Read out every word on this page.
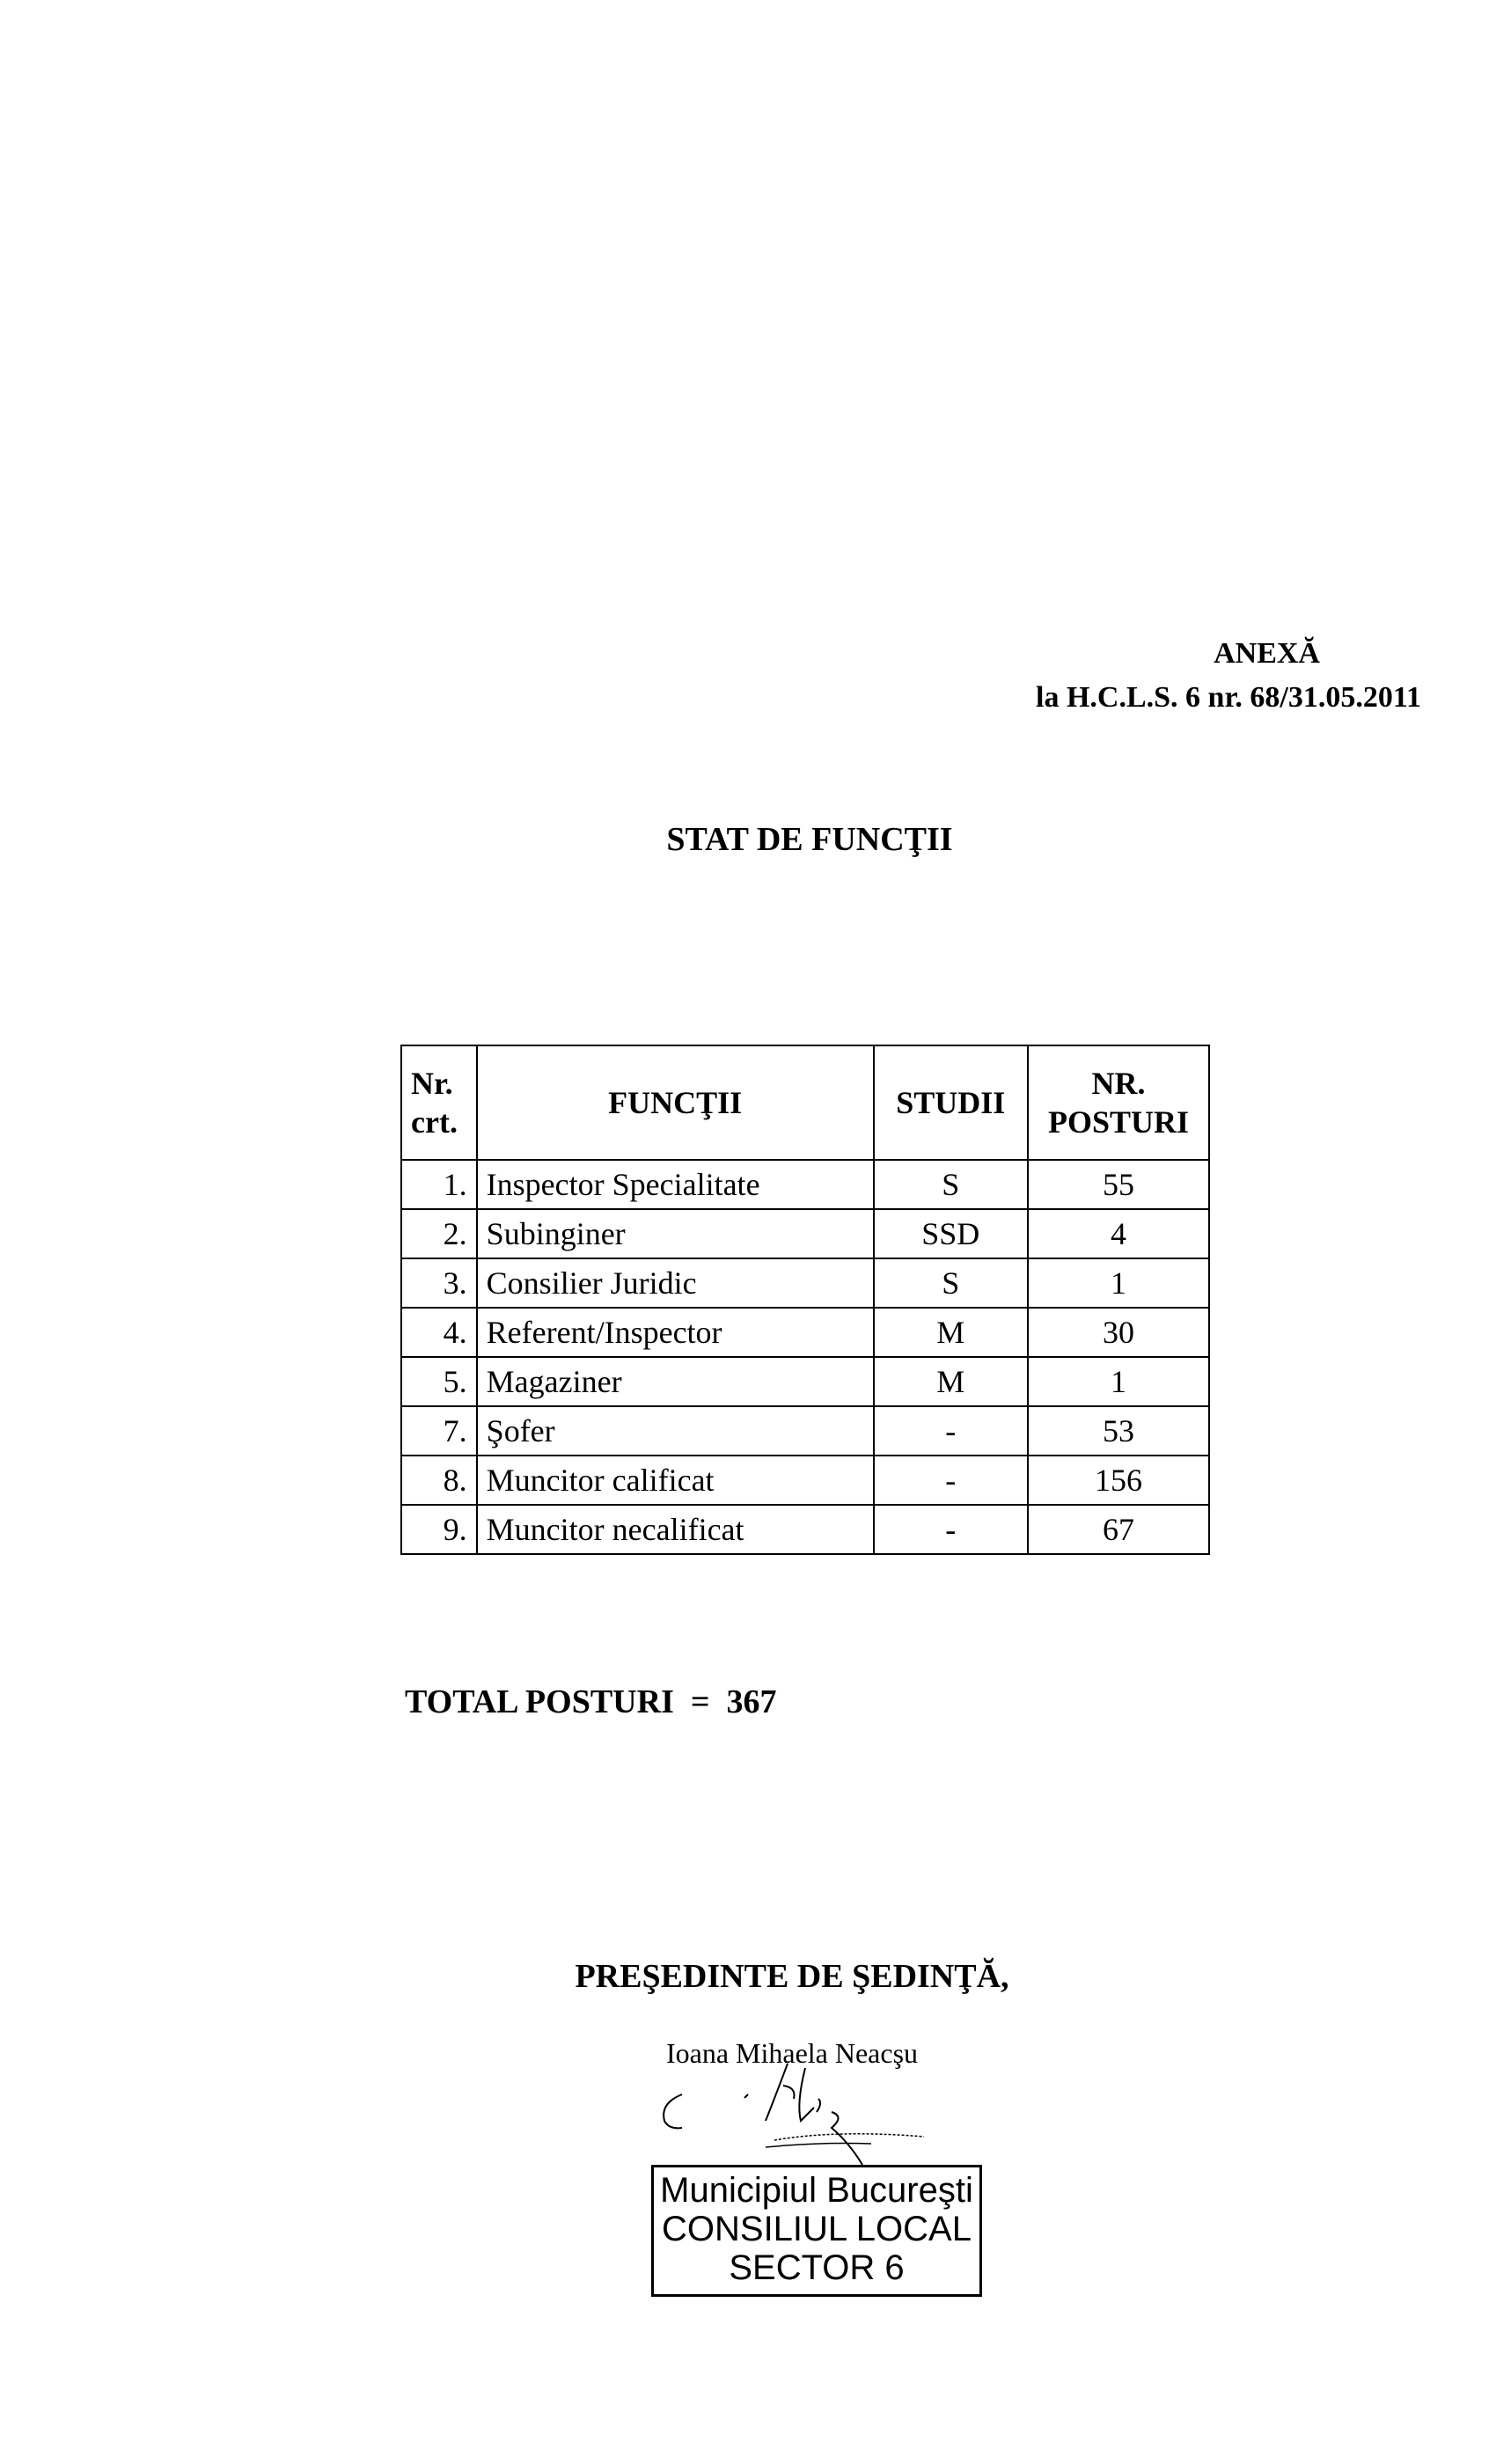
ANEXĂ
la H.C.L.S. 6 nr. 68/31.05.2011
STAT DE FUNCŢII
Nr. crt.	FUNCŢII	STUDII	NR. POSTURI
1.	Inspector Specialitate	S	55
2.	Subinginer	SSD	4
3.	Consilier Juridic	S	1
4.	Referent/Inspector	M	30
5.	Magaziner	M	1
7.	Şofer	-	53
8.	Muncitor calificat	-	156
9.	Muncitor necalificat	-	67
TOTAL POSTURI = 367
PREŞEDINTE DE ŞEDINŢĂ,
Ioana Mihaela Neacşu
Municipiul Bucureşti
CONSILIUL LOCAL
SECTOR 6
